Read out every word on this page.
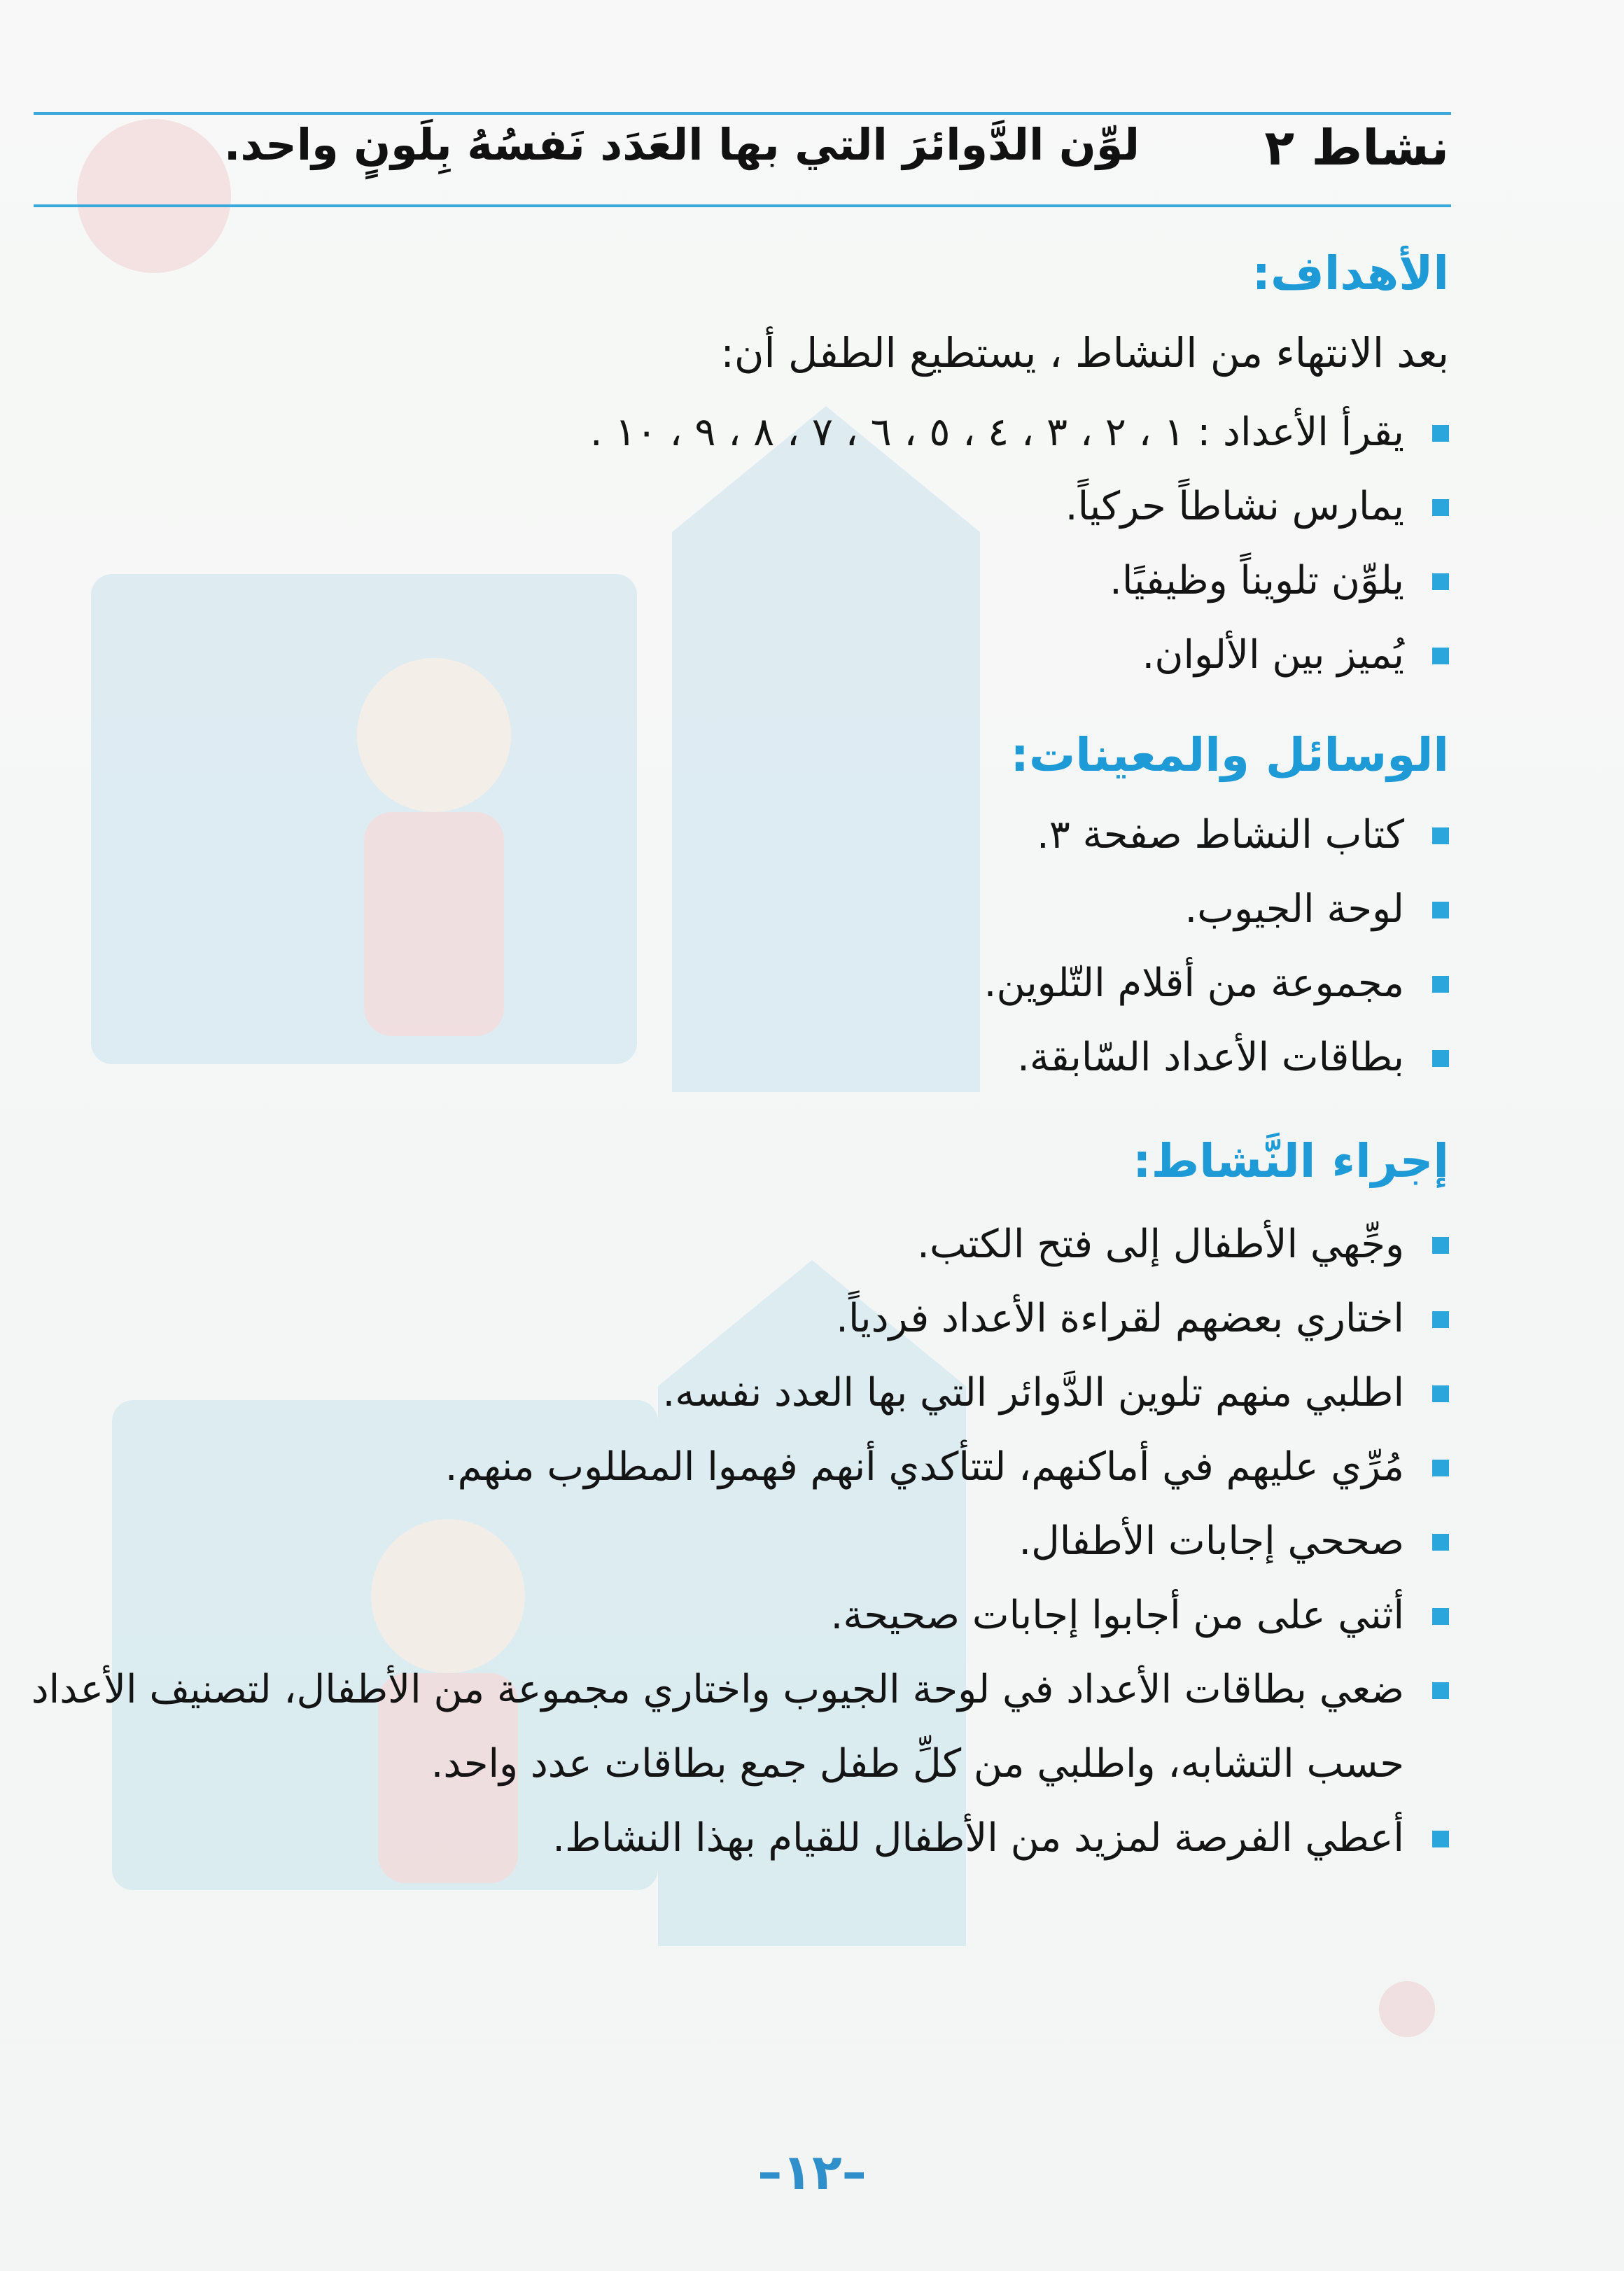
نشاط ٢
لوِّن الدَّوائرَ التي بها العَدَد نَفسُهُ بِلَونٍ واحد.
الأهداف:
بعد الانتهاء من النشاط ، يستطيع الطفل أن:
يقرأ الأعداد : ١ ، ٢ ، ٣ ، ٤ ، ٥ ، ٦ ، ٧ ، ٨ ، ٩ ، ١٠ .
يمارس نشاطاً حركياً.
يلوِّن تلويناً وظيفيًا.
يُميز بين الألوان.
الوسائل والمعينات:
كتاب النشاط صفحة ٣.
لوحة الجيوب.
مجموعة من أقلام التّلوين.
بطاقات الأعداد السّابقة.
إجراء النَّشاط:
وجِّهي الأطفال إلى فتح الكتب.
اختاري بعضهم لقراءة الأعداد فردياً.
اطلبي منهم تلوين الدَّوائر التي بها العدد نفسه.
مُرِّي عليهم في أماكنهم، لتتأكدي أنهم فهموا المطلوب منهم.
صححي إجابات الأطفال.
أثني على من أجابوا إجابات صحيحة.
ضعي بطاقات الأعداد في لوحة الجيوب واختاري مجموعة من الأطفال، لتصنيف الأعداد حسب التشابه، واطلبي من كلِّ طفل جمع بطاقات عدد واحد.
أعطي الفرصة لمزيد من الأطفال للقيام بهذا النشاط.
–١٢–
